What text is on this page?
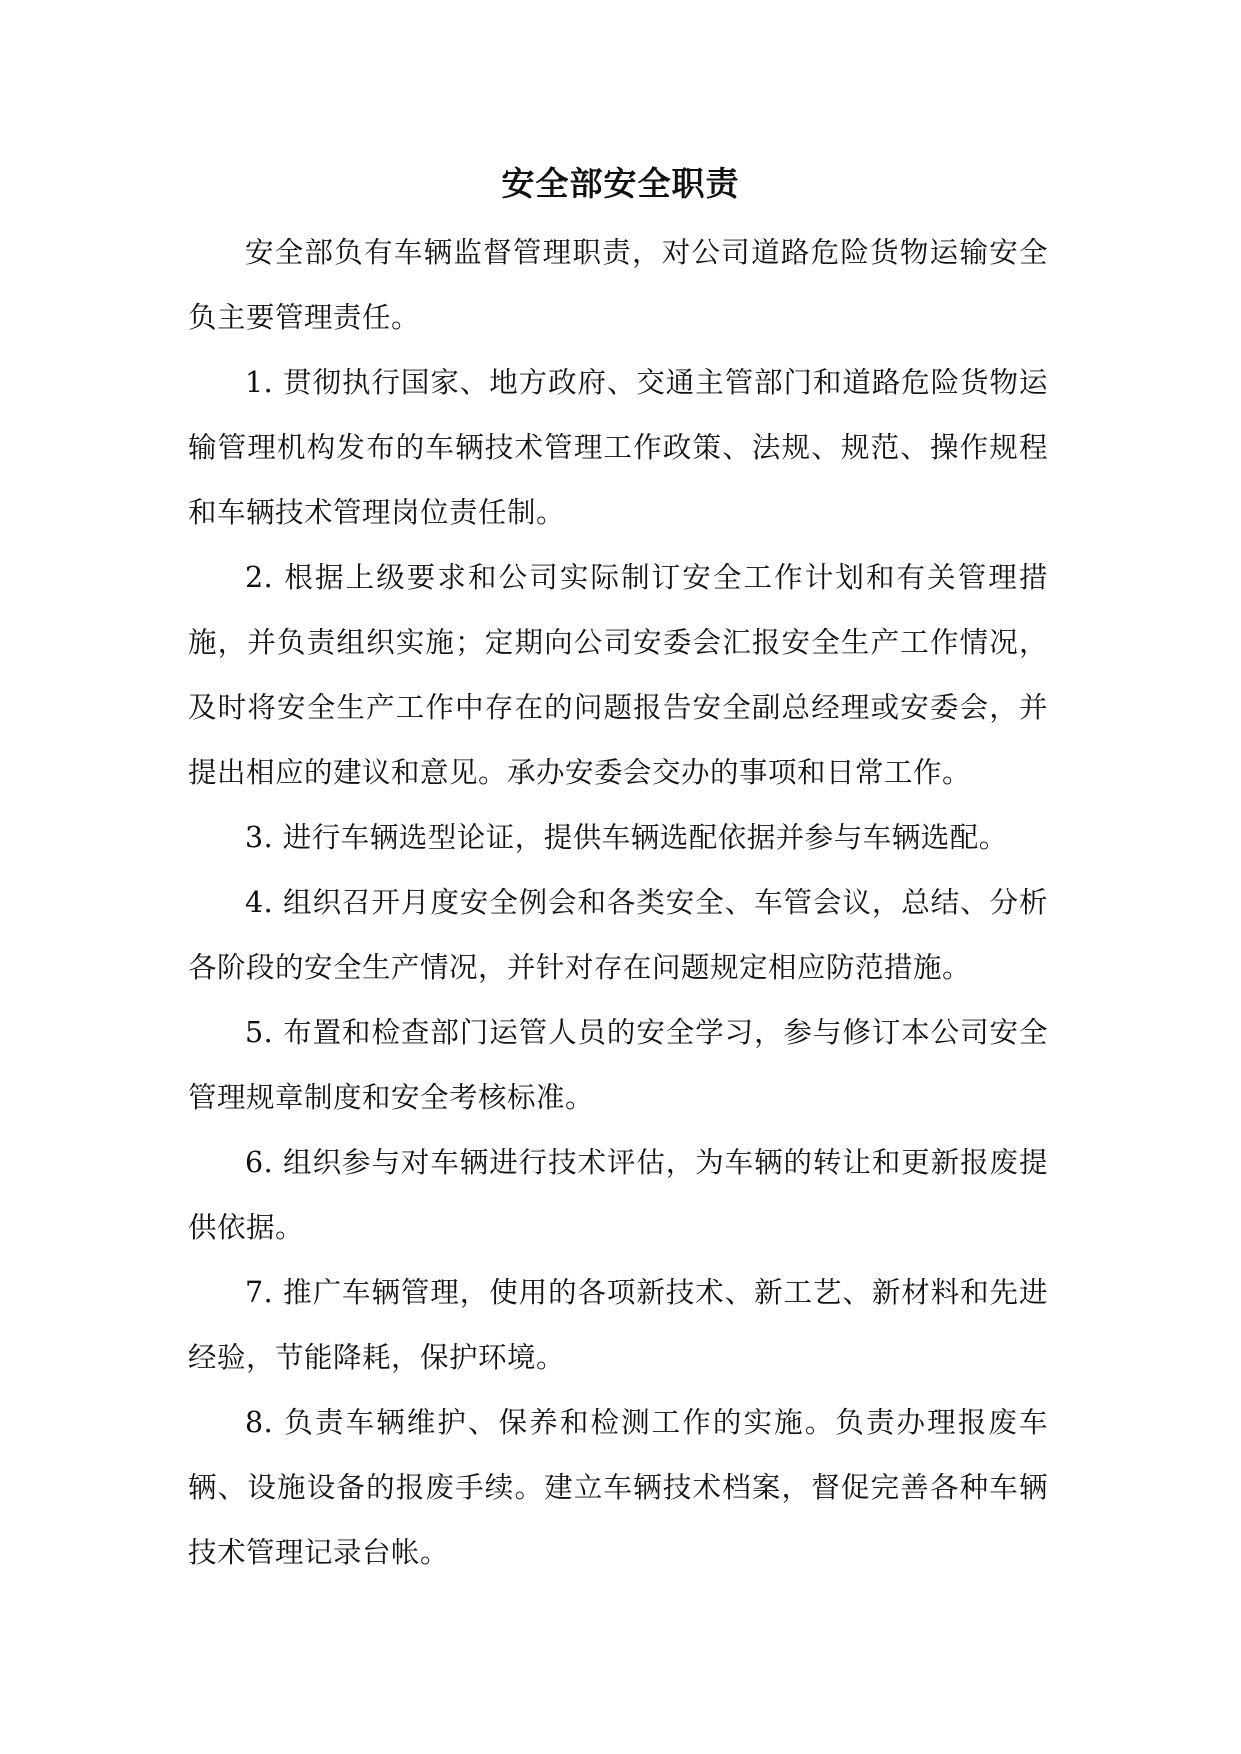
安全部安全职责

安全部负有车辆监督管理职责，对公司道路危险货物运输安全负主要管理责任。

1. 贯彻执行国家、地方政府、交通主管部门和道路危险货物运输管理机构发布的车辆技术管理工作政策、法规、规范、操作规程和车辆技术管理岗位责任制。

2. 根据上级要求和公司实际制订安全工作计划和有关管理措施，并负责组织实施；定期向公司安委会汇报安全生产工作情况，及时将安全生产工作中存在的问题报告安全副总经理或安委会，并提出相应的建议和意见。承办安委会交办的事项和日常工作。

3. 进行车辆选型论证，提供车辆选配依据并参与车辆选配。

4. 组织召开月度安全例会和各类安全、车管会议，总结、分析各阶段的安全生产情况，并针对存在问题规定相应防范措施。

5. 布置和检查部门运管人员的安全学习，参与修订本公司安全管理规章制度和安全考核标准。

6. 组织参与对车辆进行技术评估，为车辆的转让和更新报废提供依据。

7. 推广车辆管理，使用的各项新技术、新工艺、新材料和先进经验，节能降耗，保护环境。

8. 负责车辆维护、保养和检测工作的实施。负责办理报废车辆、设施设备的报废手续。建立车辆技术档案，督促完善各种车辆技术管理记录台帐。
